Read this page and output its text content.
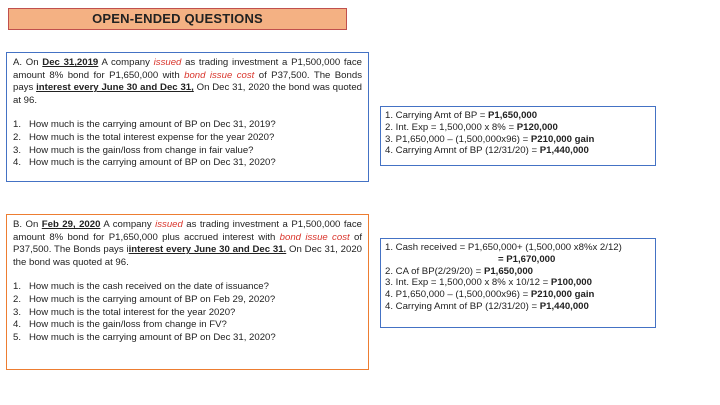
OPEN-ENDED QUESTIONS

A. On Dec 31,2019 A company issued as trading investment a P1,500,000 face amount 8% bond for P1,650,000 with bond issue cost of P37,500. The Bonds pays interest every June 30 and Dec 31, On Dec 31, 2020 the bond was quoted at 96.

1. How much is the carrying amount of BP on Dec 31, 2019?
2. How much is the total interest expense for the year 2020?
3. How much is the gain/loss from change in fair value?
4. How much is the carrying amount of BP on Dec 31, 2020?
1. Carrying Amt of BP = P1,650,000
2. Int. Exp = 1,500,000 x 8% = P120,000
3. P1,650,000 – (1,500,000x96) = P210,000 gain
4. Carrying Amnt of BP (12/31/20) = P1,440,000

B. On Feb 29, 2020 A company issued as trading investment a P1,500,000 face amount 8% bond for P1,650,000 plus accrued interest with bond issue cost of P37,500. The Bonds pays iinterest every June 30 and Dec 31. On Dec 31, 2020 the bond was quoted at 96.

1. How much is the cash received on the date of issuance?
2. How much is the carrying amount of BP on Feb 29, 2020?
3. How much is the total interest for the year 2020?
4. How much is the gain/loss from change in FV?
5. How much is the carrying amount of BP on Dec 31, 2020?
1. Cash received = P1,650,000+ (1,500,000 x8%x 2/12)
= P1,670,000
2. CA of BP(2/29/20) = P1,650,000
3. Int. Exp = 1,500,000 x 8% x 10/12 = P100,000
4. P1,650,000 – (1,500,000x96) = P210,000 gain
4. Carrying Amnt of BP (12/31/20) = P1,440,000
